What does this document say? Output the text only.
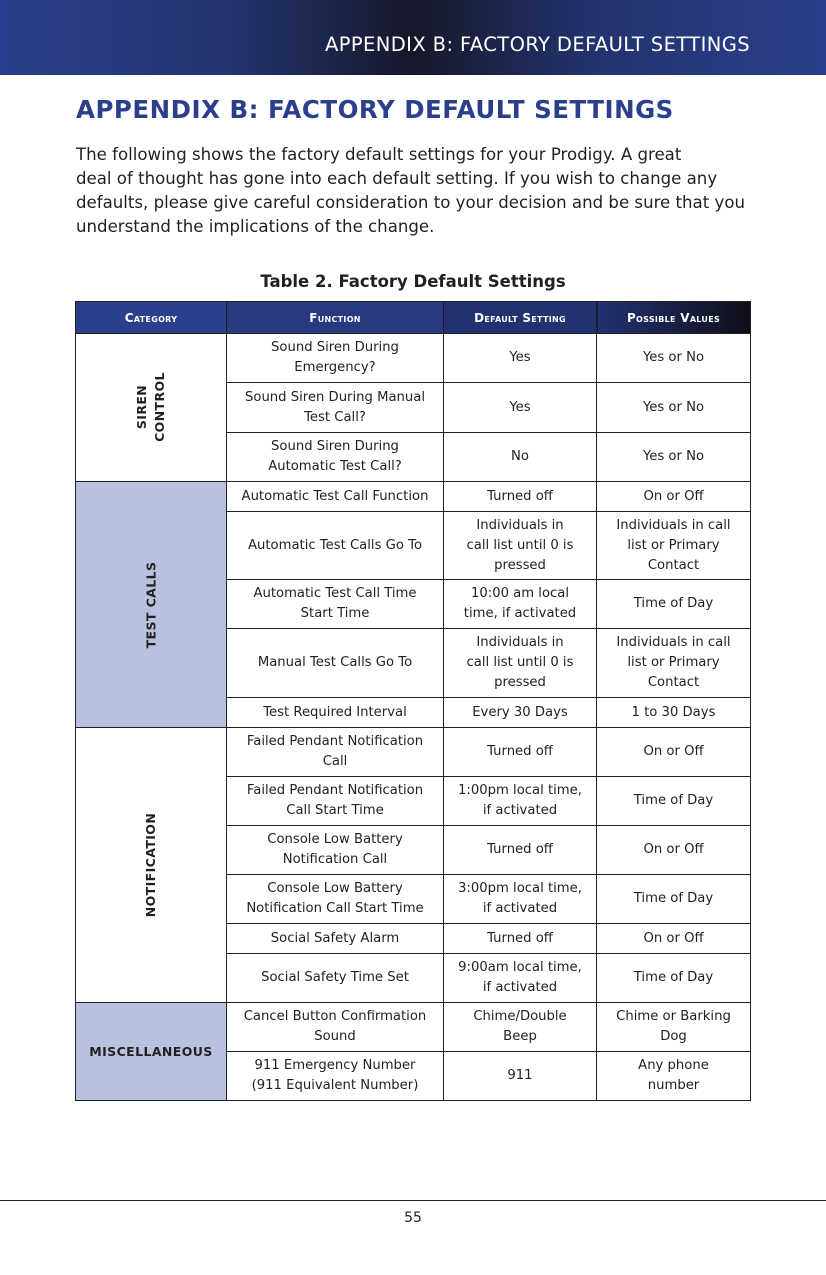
APPENDIX B: FACTORY DEFAULT SETTINGS
APPENDIX B: FACTORY DEFAULT SETTINGS
The following shows the factory default settings for your Prodigy. A great
deal of thought has gone into each default setting. If you wish to change any
defaults, please give careful consideration to your decision and be sure that you
understand the implications of the change.
Table 2. Factory Default Settings
Category	Function	Default Setting	Possible Values

SIREN CONTROL	Sound Siren During
Emergency?	Yes	Yes or No

	Sound Siren During Manual
Test Call?	Yes	Yes or No

	Sound Siren During
Automatic Test Call?	No	Yes or No

TEST CALLS	Automatic Test Call Function	Turned off	On or Off

	Automatic Test Calls Go To	Individuals in
call list until 0 is
pressed	Individuals in call
list or Primary
Contact

	Automatic Test Call Time
Start Time	10:00 am local
time, if activated	Time of Day

	Manual Test Calls Go To	Individuals in
call list until 0 is
pressed	Individuals in call
list or Primary
Contact

	Test Required Interval	Every 30 Days	1 to 30 Days

NOTIFICATION	Failed Pendant Notification
Call	Turned off	On or Off

	Failed Pendant Notification
Call Start Time	1:00pm local time,
if activated	Time of Day

	Console Low Battery
Notification Call	Turned off	On or Off

	Console Low Battery
Notification Call Start Time	3:00pm local time,
if activated	Time of Day

	Social Safety Alarm	Turned off	On or Off

	Social Safety Time Set	9:00am local time,
if activated	Time of Day

MISCELLANEOUS	Cancel Button Confirmation
Sound	Chime/Double
Beep	Chime or Barking
Dog

	911 Emergency Number
(911 Equivalent Number)	911	Any phone
number
55
